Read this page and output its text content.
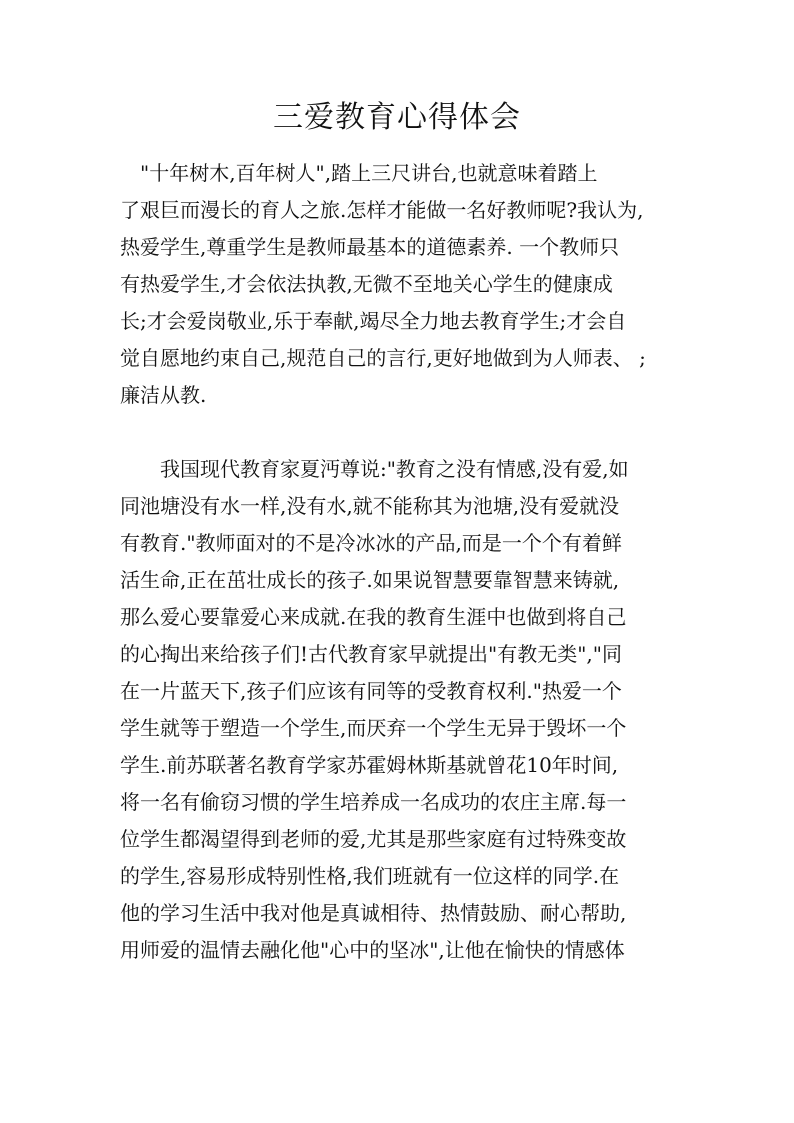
三爱教育心得体会
　"十年树木,百年树人",踏上三尺讲台,也就意味着踏上
了艰巨而漫长的育人之旅.怎样才能做一名好教师呢?我认为,
热爱学生,尊重学生是教师最基本的道德素养. 一个教师只
有热爱学生,才会依法执教,无微不至地关心学生的健康成
长;才会爱岗敬业,乐于奉献,竭尽全力地去教育学生;才会自
觉自愿地约束自己,规范自己的言行,更好地做到为人师表、 ;
廉洁从教.
　　我国现代教育家夏沔尊说:"教育之没有情感,没有爱,如
同池塘没有水一样,没有水,就不能称其为池塘,没有爱就没
有教育."教师面对的不是冷冰冰的产品,而是一个个有着鲜
活生命,正在茁壮成长的孩子.如果说智慧要靠智慧来铸就,
那么爱心要靠爱心来成就.在我的教育生涯中也做到将自己
的心掏出来给孩子们!古代教育家早就提出"有教无类","同
在一片蓝天下,孩子们应该有同等的受教育权利."热爱一个
学生就等于塑造一个学生,而厌弃一个学生无异于毁坏一个
学生.前苏联著名教育学家苏霍姆林斯基就曾花10年时间,
将一名有偷窃习惯的学生培养成一名成功的农庄主席.每一
位学生都渴望得到老师的爱,尤其是那些家庭有过特殊变故
的学生,容易形成特别性格,我们班就有一位这样的同学.在
他的学习生活中我对他是真诚相待、热情鼓励、耐心帮助,
用师爱的温情去融化他"心中的坚冰",让他在愉快的情感体
